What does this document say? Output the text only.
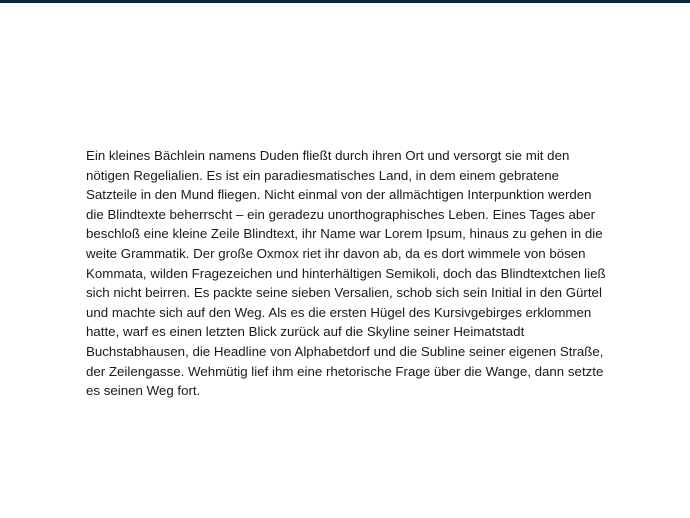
Ein kleines Bächlein namens Duden fließt durch ihren Ort und versorgt sie mit den
nötigen Regelialien. Es ist ein paradiesmatisches Land, in dem einem gebratene
Satzteile in den Mund fliegen. Nicht einmal von der allmächtigen Interpunktion werden
die Blindtexte beherrscht – ein geradezu unorthographisches Leben. Eines Tages aber
beschloß eine kleine Zeile Blindtext, ihr Name war Lorem Ipsum, hinaus zu gehen in die
weite Grammatik. Der große Oxmox riet ihr davon ab, da es dort wimmele von bösen
Kommata, wilden Fragezeichen und hinterhältigen Semikoli, doch das Blindtextchen ließ
sich nicht beirren. Es packte seine sieben Versalien, schob sich sein Initial in den Gürtel
und machte sich auf den Weg. Als es die ersten Hügel des Kursivgebirges erklommen
hatte, warf es einen letzten Blick zurück auf die Skyline seiner Heimatstadt
Buchstabhausen, die Headline von Alphabetdorf und die Subline seiner eigenen Straße,
der Zeilengasse. Wehmütig lief ihm eine rhetorische Frage über die Wange, dann setzte
es seinen Weg fort.
